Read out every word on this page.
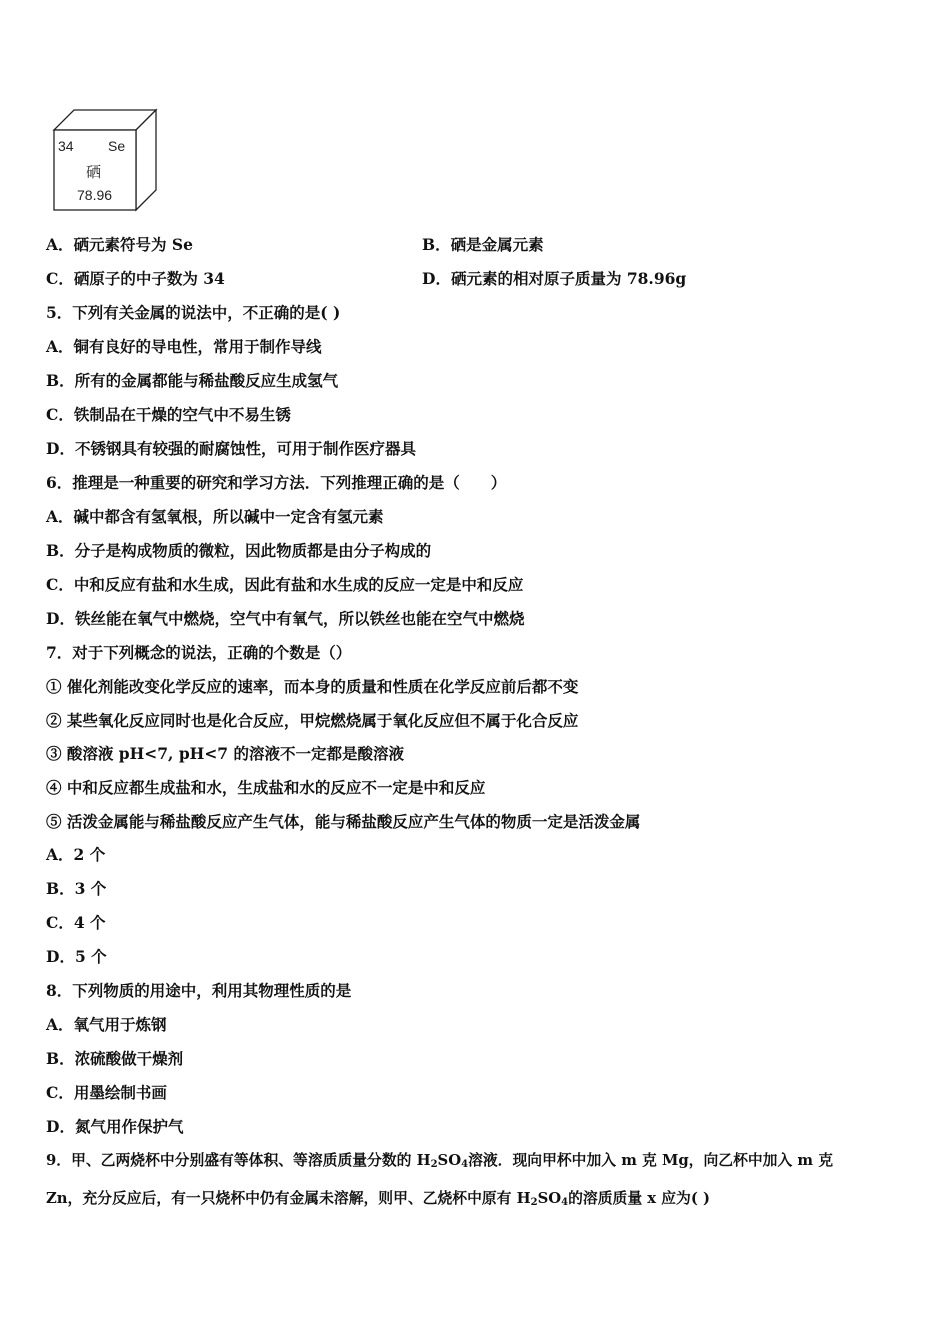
34 Se
硒
78.96
A．硒元素符号为 Se	B．硒是金属元素
C．硒原子的中子数为 34	D．硒元素的相对原子质量为 78.96g
5．下列有关金属的说法中，不正确的是( )
A．铜有良好的导电性，常用于制作导线
B．所有的金属都能与稀盐酸反应生成氢气
C．铁制品在干燥的空气中不易生锈
D．不锈钢具有较强的耐腐蚀性，可用于制作医疗器具
6．推理是一种重要的研究和学习方法．下列推理正确的是（　　）
A．碱中都含有氢氧根，所以碱中一定含有氢元素
B．分子是构成物质的微粒，因此物质都是由分子构成的
C．中和反应有盐和水生成，因此有盐和水生成的反应一定是中和反应
D．铁丝能在氧气中燃烧，空气中有氧气，所以铁丝也能在空气中燃烧
7．对于下列概念的说法，正确的个数是（）
① 催化剂能改变化学反应的速率，而本身的质量和性质在化学反应前后都不变
② 某些氧化反应同时也是化合反应，甲烷燃烧属于氧化反应但不属于化合反应
③ 酸溶液 pH<7, pH<7 的溶液不一定都是酸溶液
④ 中和反应都生成盐和水，生成盐和水的反应不一定是中和反应
⑤ 活泼金属能与稀盐酸反应产生气体，能与稀盐酸反应产生气体的物质一定是活泼金属
A．2 个
B．3 个
C．4 个
D．5 个
8．下列物质的用途中，利用其物理性质的是
A．氧气用于炼钢
B．浓硫酸做干燥剂
C．用墨绘制书画
D．氮气用作保护气
9．甲、乙两烧杯中分别盛有等体积、等溶质质量分数的 $H_2SO_4$溶液．现向甲杯中加入 m 克 Mg，向乙杯中加入 m 克
Zn，充分反应后，有一只烧杯中仍有金属未溶解，则甲、乙烧杯中原有 $H_2SO_4$的溶质质量 x 应为( )
